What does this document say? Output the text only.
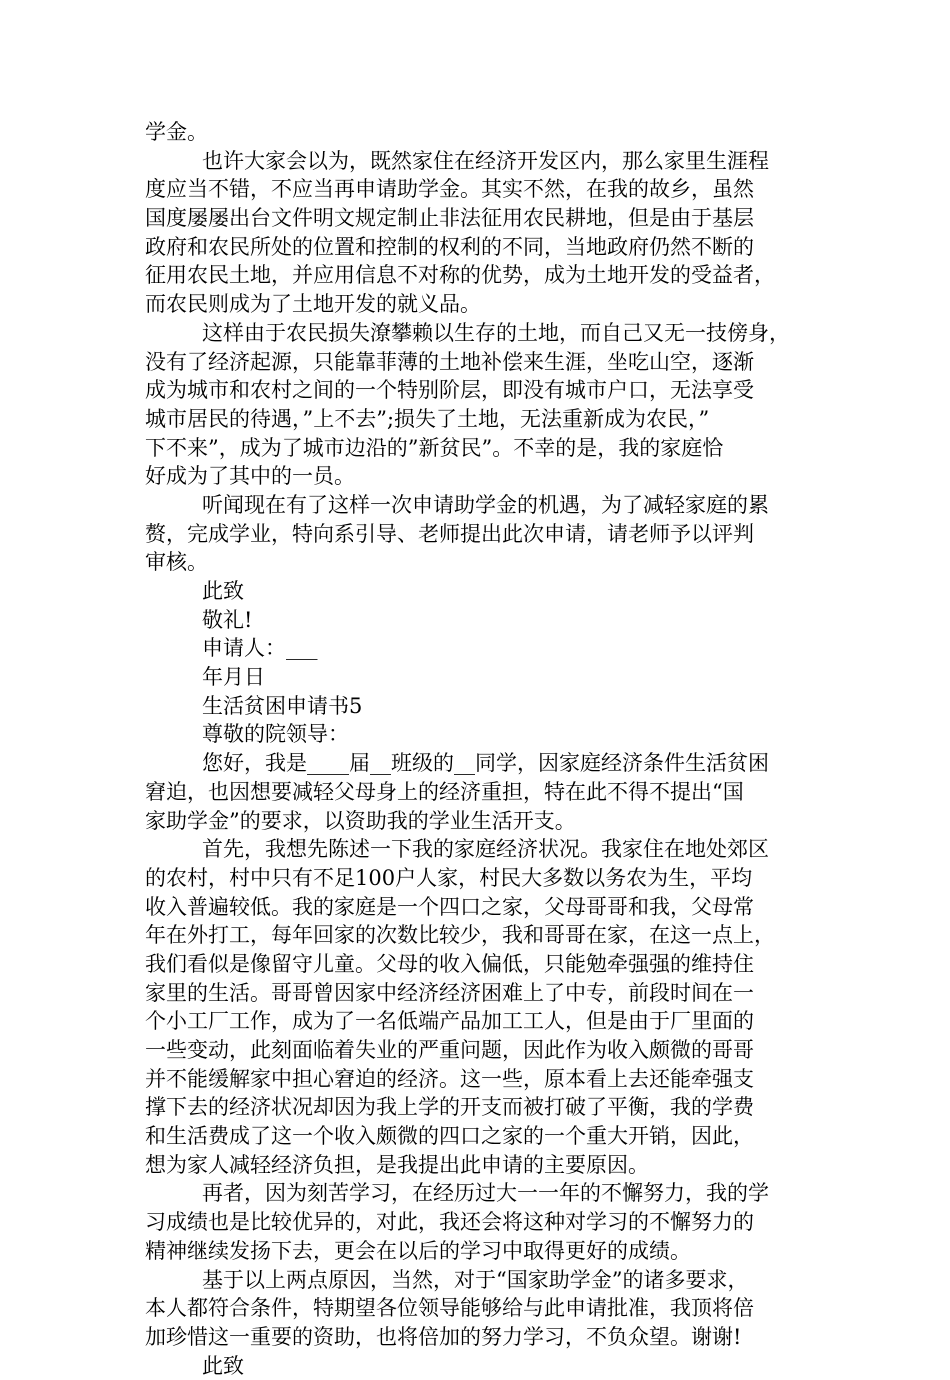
学金。
也许大家会以为，既然家住在经济开发区内，那么家里生涯程
度应当不错，不应当再申请助学金。其实不然，在我的故乡，虽然
国度屡屡出台文件明文规定制止非法征用农民耕地，但是由于基层
政府和农民所处的位置和控制的权利的不同，当地政府仍然不断的
征用农民土地，并应用信息不对称的优势，成为土地开发的受益者，
而农民则成为了土地开发的就义品。
这样由于农民损失潦攀赖以生存的土地，而自己又无一技傍身，
没有了经济起源，只能靠菲薄的土地补偿来生涯，坐吃山空，逐渐
成为城市和农村之间的一个特别阶层，即没有城市户口，无法享受
城市居民的待遇，”上不去”;损失了土地，无法重新成为农民，”
下不来”，成为了城市边沿的”新贫民”。不幸的是，我的家庭恰
好成为了其中的一员。
听闻现在有了这样一次申请助学金的机遇，为了减轻家庭的累
赘，完成学业，特向系引导、老师提出此次申请，请老师予以评判
审核。
此致
敬礼!
申请人：___
年月日
生活贫困申请书5
尊敬的院领导：
您好，我是____届__班级的__同学，因家庭经济条件生活贫困
窘迫，也因想要减轻父母身上的经济重担，特在此不得不提出“国
家助学金”的要求，以资助我的学业生活开支。
首先，我想先陈述一下我的家庭经济状况。我家住在地处郊区
的农村，村中只有不足100户人家，村民大多数以务农为生，平均
收入普遍较低。我的家庭是一个四口之家，父母哥哥和我，父母常
年在外打工，每年回家的次数比较少，我和哥哥在家，在这一点上，
我们看似是像留守儿童。父母的收入偏低，只能勉牵强强的维持住
家里的生活。哥哥曾因家中经济经济困难上了中专，前段时间在一
个小工厂工作，成为了一名低端产品加工工人，但是由于厂里面的
一些变动，此刻面临着失业的严重问题，因此作为收入颇微的哥哥
并不能缓解家中担心窘迫的经济。这一些，原本看上去还能牵强支
撑下去的经济状况却因为我上学的开支而被打破了平衡，我的学费
和生活费成了这一个收入颇微的四口之家的一个重大开销，因此，
想为家人减轻经济负担，是我提出此申请的主要原因。
再者，因为刻苦学习，在经历过大一一年的不懈努力，我的学
习成绩也是比较优异的，对此，我还会将这种对学习的不懈努力的
精神继续发扬下去，更会在以后的学习中取得更好的成绩。
基于以上两点原因，当然，对于“国家助学金”的诸多要求，
本人都符合条件，特期望各位领导能够给与此申请批准，我顶将倍
加珍惜这一重要的资助，也将倍加的努力学习，不负众望。谢谢!
此致
